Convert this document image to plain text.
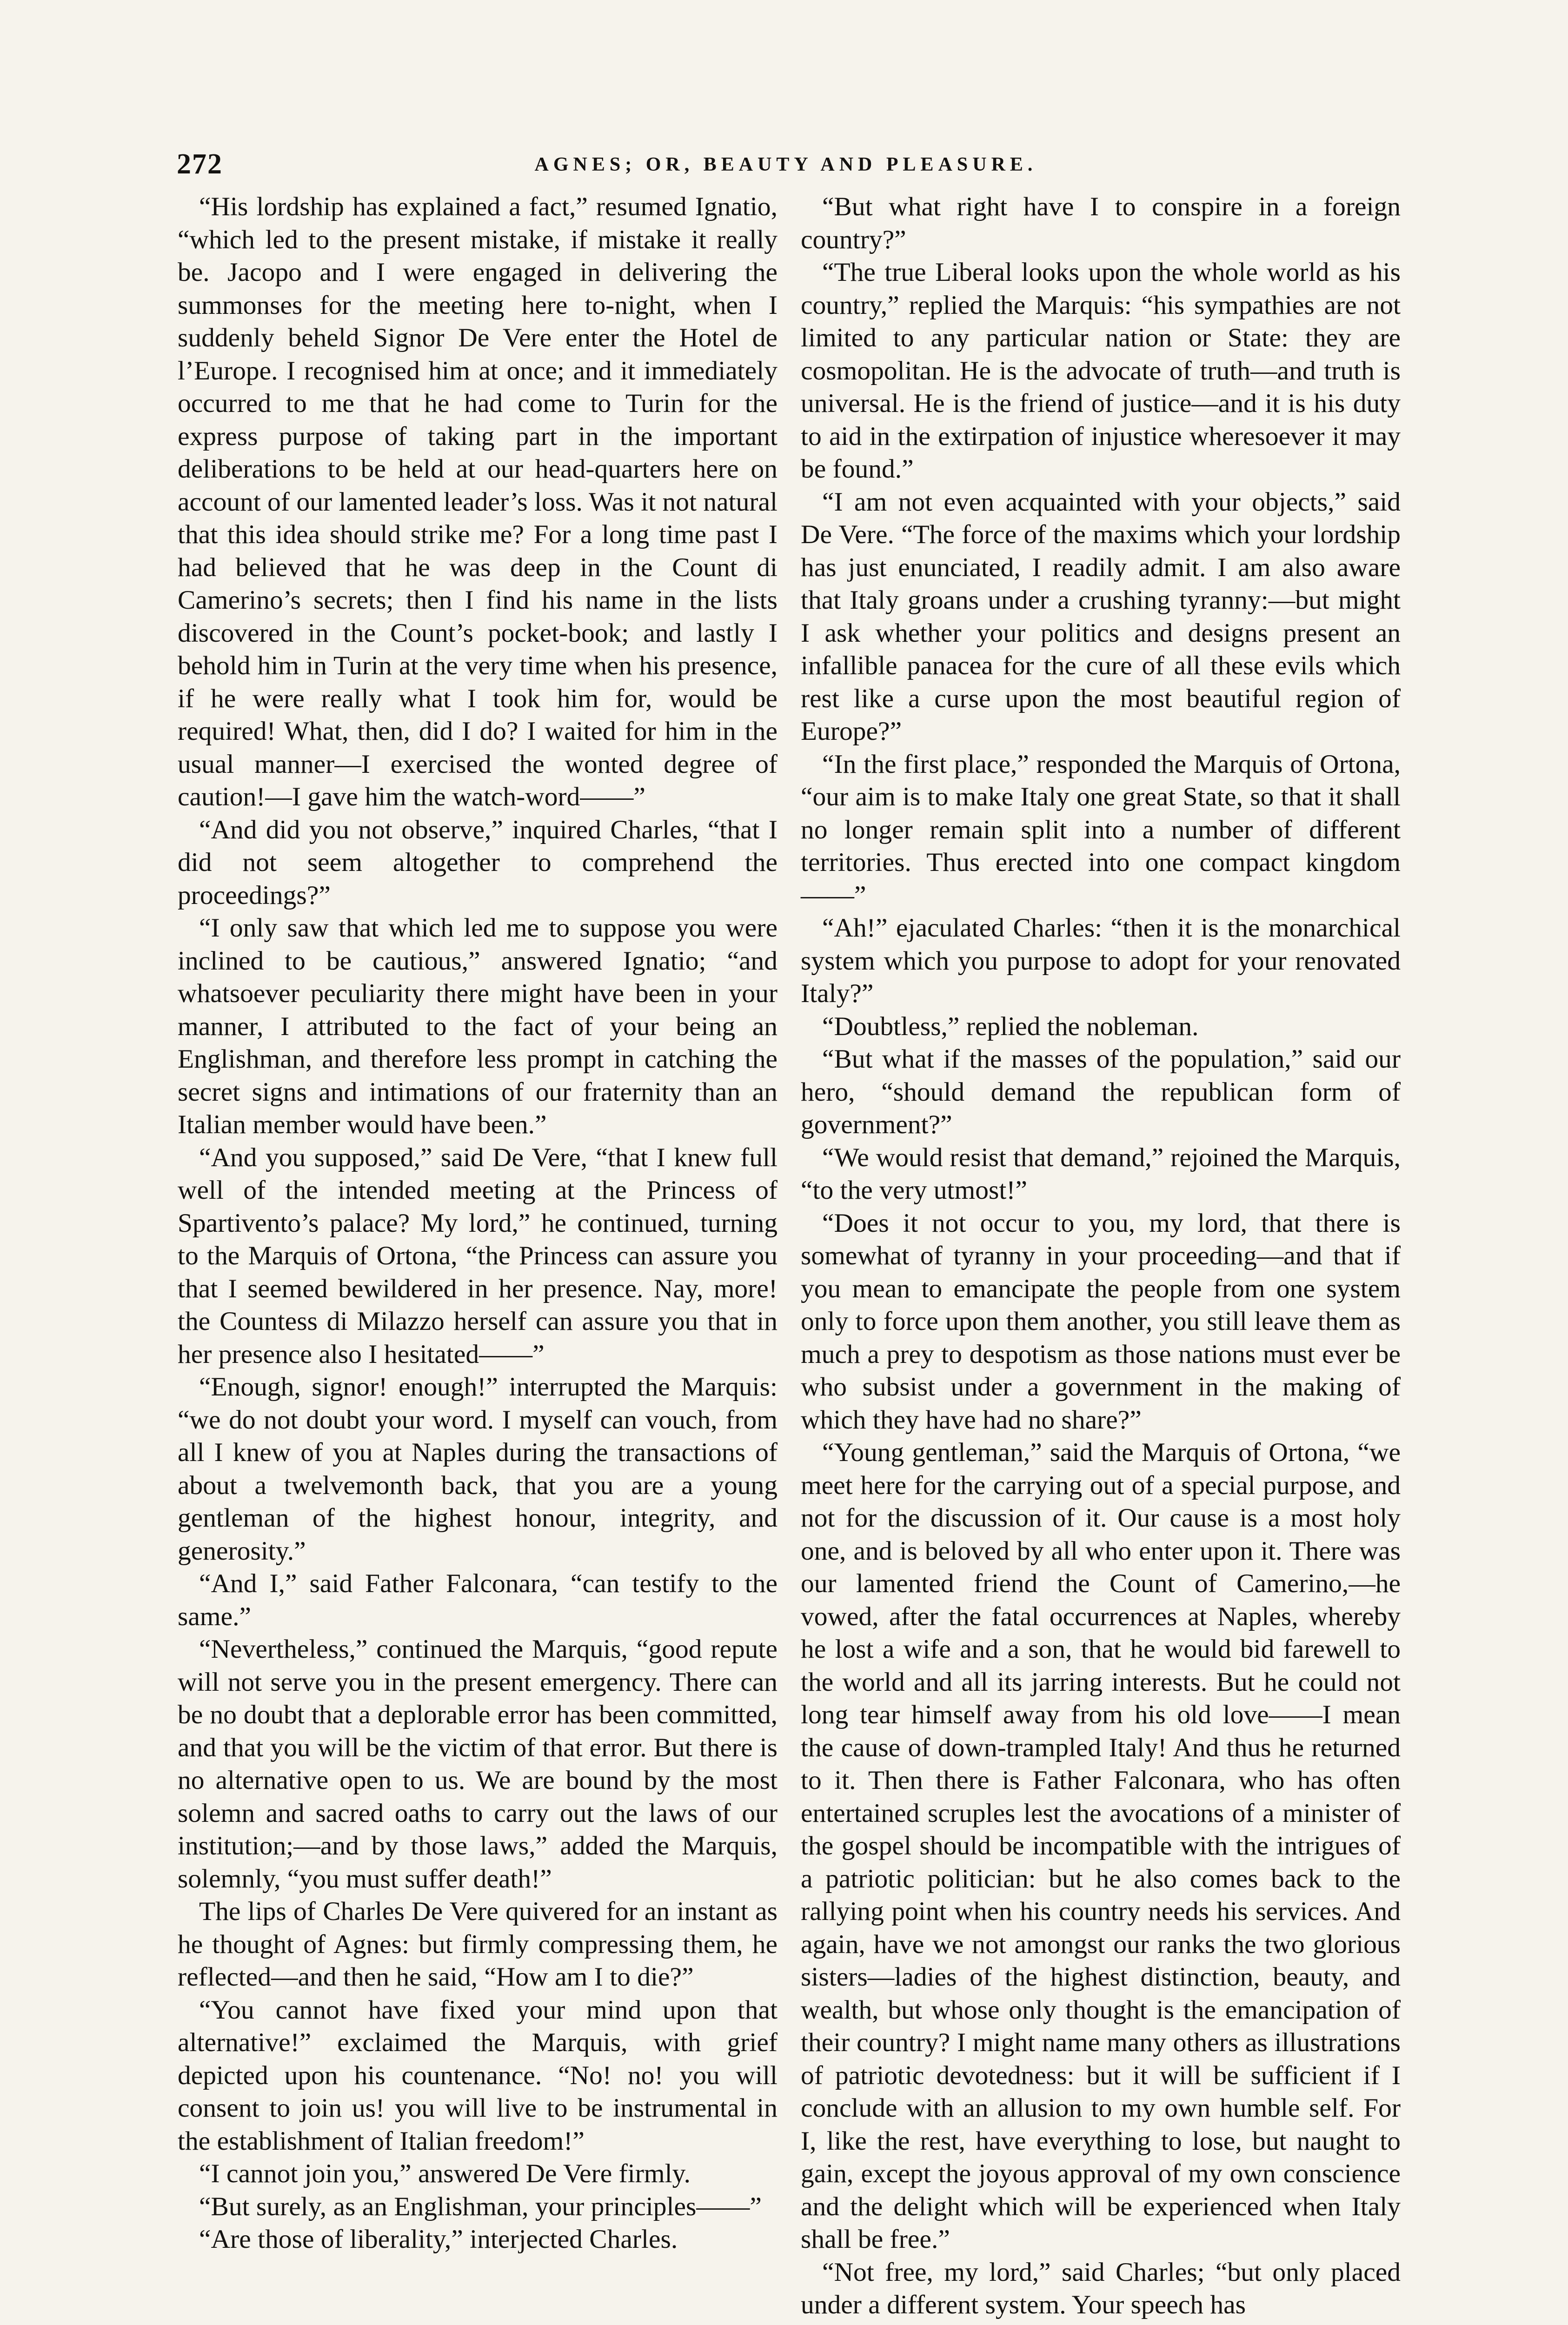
272	AGNES; OR, BEAUTY AND PLEASURE.

“His lordship has explained a fact,” resumed Ignatio, “which led to the present mistake, if mistake it really be. Jacopo and I were engaged in delivering the summonses for the meeting here to-night, when I suddenly beheld Signor De Vere enter the Hotel de l’Europe. I recognised him at once; and it immediately occurred to me that he had come to Turin for the express purpose of taking part in the important deliberations to be held at our head-quarters here on account of our lamented leader’s loss. Was it not natural that this idea should strike me? For a long time past I had believed that he was deep in the Count di Camerino’s secrets; then I find his name in the lists discovered in the Count’s pocket-book; and lastly I behold him in Turin at the very time when his presence, if he were really what I took him for, would be required! What, then, did I do? I waited for him in the usual manner—I exercised the wonted degree of caution!—I gave him the watch-word——”

“And did you not observe,” inquired Charles, “that I did not seem altogether to comprehend the proceedings?”

“I only saw that which led me to suppose you were inclined to be cautious,” answered Ignatio; “and whatsoever peculiarity there might have been in your manner, I attributed to the fact of your being an Englishman, and therefore less prompt in catching the secret signs and intimations of our fraternity than an Italian member would have been.”

“And you supposed,” said De Vere, “that I knew full well of the intended meeting at the Princess of Spartivento’s palace? My lord,” he continued, turning to the Marquis of Ortona, “the Princess can assure you that I seemed bewildered in her presence. Nay, more! the Countess di Milazzo herself can assure you that in her presence also I hesitated——”

“Enough, signor! enough!” interrupted the Marquis: “we do not doubt your word. I myself can vouch, from all I knew of you at Naples during the transactions of about a twelvemonth back, that you are a young gentleman of the highest honour, integrity, and generosity.”

“And I,” said Father Falconara, “can testify to the same.”

“Nevertheless,” continued the Marquis, “good repute will not serve you in the present emergency. There can be no doubt that a deplorable error has been committed, and that you will be the victim of that error. But there is no alternative open to us. We are bound by the most solemn and sacred oaths to carry out the laws of our institution;—and by those laws,” added the Marquis, solemnly, “you must suffer death!”

The lips of Charles De Vere quivered for an instant as he thought of Agnes: but firmly compressing them, he reflected—and then he said, “How am I to die?”

“You cannot have fixed your mind upon that alternative!” exclaimed the Marquis, with grief depicted upon his countenance. “No! no! you will consent to join us! you will live to be instrumental in the establishment of Italian freedom!”

“I cannot join you,” answered De Vere firmly.

“But surely, as an Englishman, your principles——”

“Are those of liberality,” interjected Charles.

“But what right have I to conspire in a foreign country?”

“The true Liberal looks upon the whole world as his country,” replied the Marquis: “his sympathies are not limited to any particular nation or State: they are cosmopolitan. He is the advocate of truth—and truth is universal. He is the friend of justice—and it is his duty to aid in the extirpation of injustice wheresoever it may be found.”

“I am not even acquainted with your objects,” said De Vere. “The force of the maxims which your lordship has just enunciated, I readily admit. I am also aware that Italy groans under a crushing tyranny:—but might I ask whether your politics and designs present an infallible panacea for the cure of all these evils which rest like a curse upon the most beautiful region of Europe?”

“In the first place,” responded the Marquis of Ortona, “our aim is to make Italy one great State, so that it shall no longer remain split into a number of different territories. Thus erected into one compact kingdom——”

“Ah!” ejaculated Charles: “then it is the monarchical system which you purpose to adopt for your renovated Italy?”

“Doubtless,” replied the nobleman.

“But what if the masses of the population,” said our hero, “should demand the republican form of government?”

“We would resist that demand,” rejoined the Marquis, “to the very utmost!”

“Does it not occur to you, my lord, that there is somewhat of tyranny in your proceeding—and that if you mean to emancipate the people from one system only to force upon them another, you still leave them as much a prey to despotism as those nations must ever be who subsist under a government in the making of which they have had no share?”

“Young gentleman,” said the Marquis of Ortona, “we meet here for the carrying out of a special purpose, and not for the discussion of it. Our cause is a most holy one, and is beloved by all who enter upon it. There was our lamented friend the Count of Camerino,—he vowed, after the fatal occurrences at Naples, whereby he lost a wife and a son, that he would bid farewell to the world and all its jarring interests. But he could not long tear himself away from his old love——I mean the cause of down-trampled Italy! And thus he returned to it. Then there is Father Falconara, who has often entertained scruples lest the avocations of a minister of the gospel should be incompatible with the intrigues of a patriotic politician: but he also comes back to the rallying point when his country needs his services. And again, have we not amongst our ranks the two glorious sisters—ladies of the highest distinction, beauty, and wealth, but whose only thought is the emancipation of their country? I might name many others as illustrations of patriotic devotedness: but it will be sufficient if I conclude with an allusion to my own humble self. For I, like the rest, have everything to lose, but naught to gain, except the joyous approval of my own conscience and the delight which will be experienced when Italy shall be free.”

“Not free, my lord,” said Charles; “but only placed under a different system. Your speech has
